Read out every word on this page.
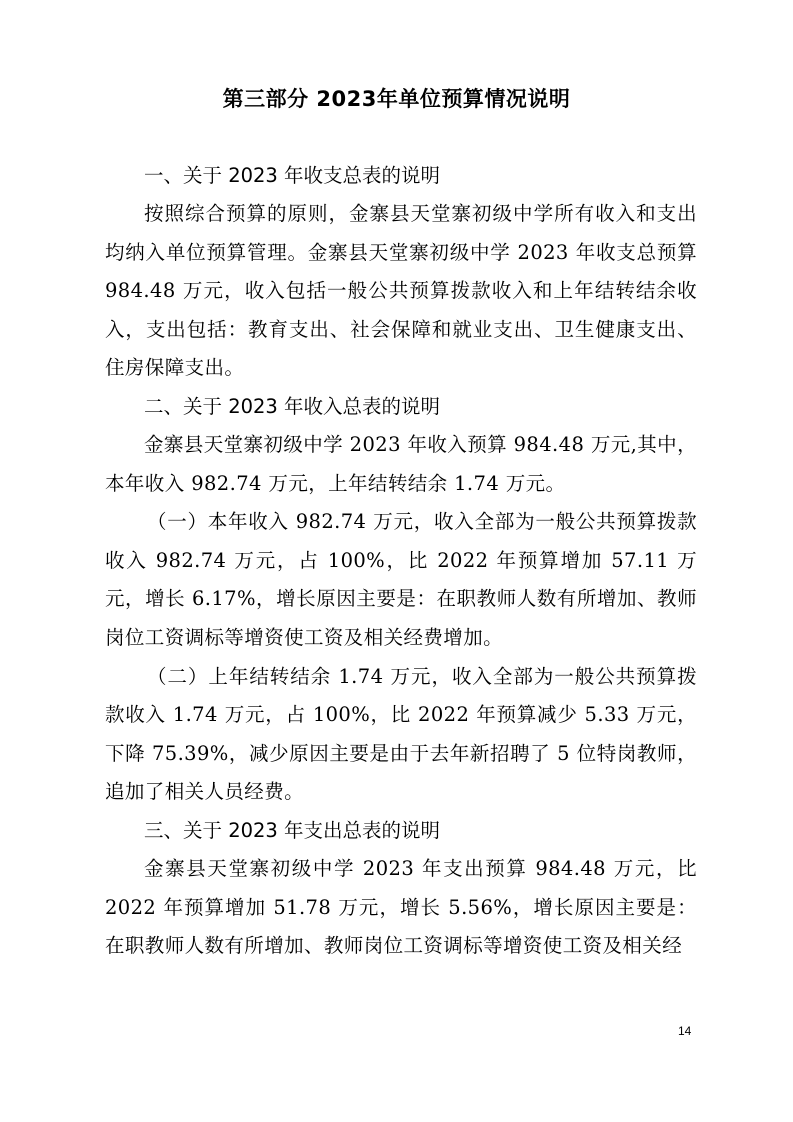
第三部分 2023年单位预算情况说明
一、关于 2023 年收支总表的说明
按照综合预算的原则，金寨县天堂寨初级中学所有收入和支出均纳入单位预算管理。金寨县天堂寨初级中学 2023 年收支总预算 984.48 万元，收入包括一般公共预算拨款收入和上年结转结余收入，支出包括：教育支出、社会保障和就业支出、卫生健康支出、住房保障支出。
二、关于 2023 年收入总表的说明
金寨县天堂寨初级中学 2023 年收入预算 984.48 万元,其中，本年收入 982.74 万元，上年结转结余 1.74 万元。
（一）本年收入 982.74 万元，收入全部为一般公共预算拨款收入 982.74 万元，占 100%，比 2022 年预算增加 57.11 万元，增长 6.17%，增长原因主要是：在职教师人数有所增加、教师岗位工资调标等增资使工资及相关经费增加。
（二）上年结转结余 1.74 万元，收入全部为一般公共预算拨款收入 1.74 万元，占 100%，比 2022 年预算减少 5.33 万元，下降 75.39%，减少原因主要是由于去年新招聘了 5 位特岗教师，追加了相关人员经费。
三、关于 2023 年支出总表的说明
金寨县天堂寨初级中学 2023 年支出预算 984.48 万元，比 2022 年预算增加 51.78 万元，增长 5.56%，增长原因主要是：在职教师人数有所增加、教师岗位工资调标等增资使工资及相关经
14
